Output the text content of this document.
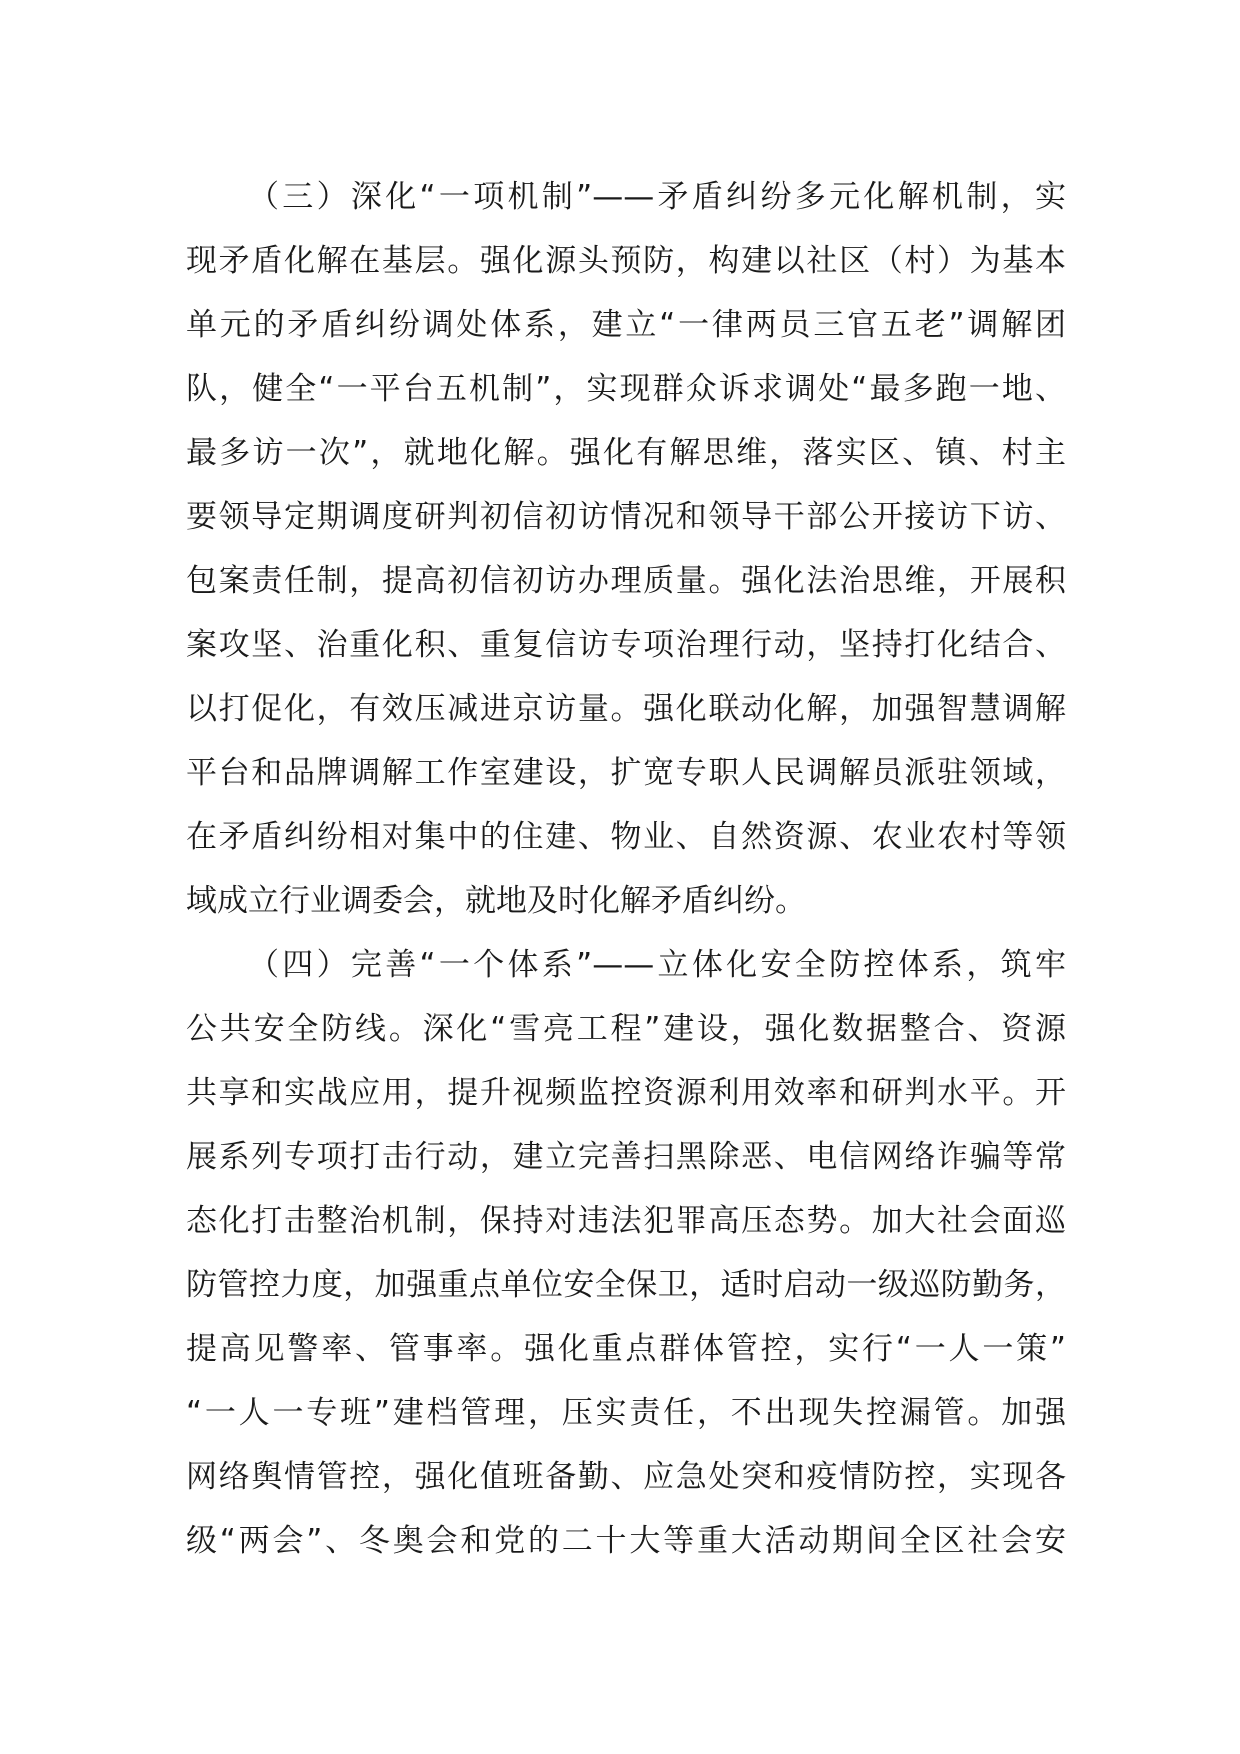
（三）深化“一项机制”——矛盾纠纷多元化解机制，实
现矛盾化解在基层。强化源头预防，构建以社区（村）为基本
单元的矛盾纠纷调处体系，建立“一律两员三官五老”调解团
队，健全“一平台五机制”，实现群众诉求调处“最多跑一地、
最多访一次”，就地化解。强化有解思维，落实区、镇、村主
要领导定期调度研判初信初访情况和领导干部公开接访下访、
包案责任制，提高初信初访办理质量。强化法治思维，开展积
案攻坚、治重化积、重复信访专项治理行动，坚持打化结合、
以打促化，有效压减进京访量。强化联动化解，加强智慧调解
平台和品牌调解工作室建设，扩宽专职人民调解员派驻领域，
在矛盾纠纷相对集中的住建、物业、自然资源、农业农村等领
域成立行业调委会，就地及时化解矛盾纠纷。
（四）完善“一个体系”——立体化安全防控体系，筑牢
公共安全防线。深化“雪亮工程”建设，强化数据整合、资源
共享和实战应用，提升视频监控资源利用效率和研判水平。开
展系列专项打击行动，建立完善扫黑除恶、电信网络诈骗等常
态化打击整治机制，保持对违法犯罪高压态势。加大社会面巡
防管控力度，加强重点单位安全保卫，适时启动一级巡防勤务，
提高见警率、管事率。强化重点群体管控，实行“一人一策”
“一人一专班”建档管理，压实责任，不出现失控漏管。加强
网络舆情管控，强化值班备勤、应急处突和疫情防控，实现各
级“两会”、冬奥会和党的二十大等重大活动期间全区社会安
